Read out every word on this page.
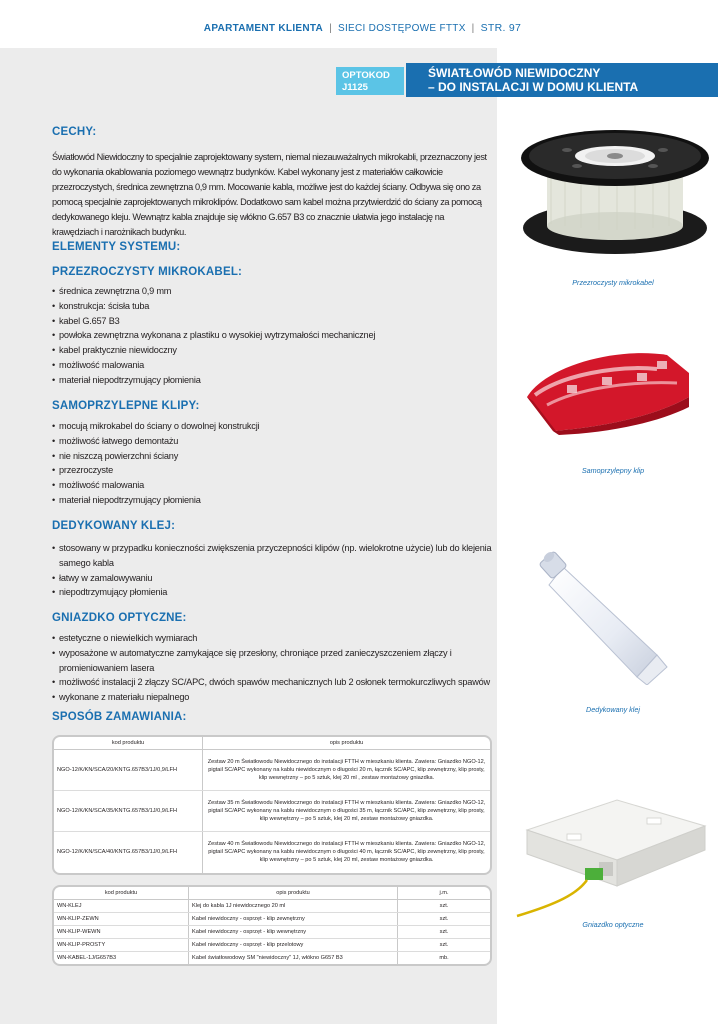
APARTAMENT KLIENTA | SIECI DOSTĘPOWE FTTX | STR. 97
OPTOKOD
J1125
ŚWIATŁOWÓD NIEWIDOCZNY
– DO INSTALACJI W DOMU KLIENTA
CECHY:

Światłowód Niewidoczny to specjalnie zaprojektowany system, niemal niezauważalnych mikrokabli, przeznaczony jest do wykonania okablowania poziomego wewnątrz budynków. Kabel wykonany jest z materiałów całkowicie przezroczystych, średnica zewnętrzna 0,9 mm. Mocowanie kabla, możliwe jest do każdej ściany. Odbywa się ono za pomocą specjalnie zaprojektowanych mikroklipów. Dodatkowo sam kabel można przytwierdzić do ściany za pomocą dedykowanego kleju. Wewnątrz kabla znajduje się włókno G.657 B3 co znacznie ułatwia jego instalację na krawędziach i narożnikach budynku.

ELEMENTY SYSTEMU:
PRZEZROCZYSTY MIKROKABEL:
• średnica zewnętrzna 0,9 mm
• konstrukcja: ścisła tuba
• kabel G.657 B3
• powłoka zewnętrzna wykonana z plastiku o wysokiej wytrzymałości mechanicznej
• kabel praktycznie niewidoczny
• możliwość malowania
• materiał niepodtrzymujący płomienia
SAMOPRZYLEPNE KLIPY:
• mocują mikrokabel do ściany o dowolnej konstrukcji
• możliwość łatwego demontażu
• nie niszczą powierzchni ściany
• przezroczyste
• możliwość malowania
• materiał niepodtrzymujący płomienia
DEDYKOWANY KLEJ:
• stosowany w przypadku konieczności zwiększenia przyczepności klipów (np. wielokrotne użycie) lub do klejenia samego kabla
• łatwy w zamalowywaniu
• niepodtrzymujący płomienia
GNIAZDKO OPTYCZNE:
• estetyczne o niewielkich wymiarach
• wyposażone w automatyczne zamykające się przesłony, chroniące przed zanieczyszczeniem złączy i promieniowaniem lasera
• możliwość instalacji 2 złączy SC/APC, dwóch spawów mechanicznych lub 2 osłonek termokurczliwych spawów
• wykonane z materiału niepalnego
SPOSÓB ZAMAWIANIA:
kod produktu	opis produktu
NGO-12/K/KN/SCA/20/KNTG.657B3/1J/0,9/LFH	Zestaw 20 m Światłowodu Niewidocznego do instalacji FTTH w mieszkaniu klienta. Zawiera: Gniazdko NGO-12, pigtail SC/APC wykonany na kablu niewidocznym o długości 20 m, łącznik SC/APC, klip zewnętrzny, klip prosty, klip wewnętrzny – po 5 sztuk, klej 20 ml , zestaw montażowy gniazdka.
NGO-12/K/KN/SCA/35/KNTG.657B3/1J/0,9/LFH	Zestaw 35 m Światłowodu Niewidocznego do instalacji FTTH w mieszkaniu klienta. Zawiera: Gniazdko NGO-12, pigtail SC/APC wykonany na kablu niewidocznym o długości 35 m, łącznik SC/APC, klip zewnętrzny, klip prosty, klip wewnętrzny – po 5 sztuk, klej 20 ml, zestaw montażowy gniazdka.
NGO-12/K/KN/SCA/40/KNTG.657B3/1J/0,9/LFH	Zestaw 40 m Światłowodu Niewidocznego do instalacji FTTH w mieszkaniu klienta. Zawiera: Gniazdko NGO-12, pigtail SC/APC wykonany na kablu niewidocznym o długości 40 m, łącznik SC/APC, klip zewnętrzny, klip prosty, klip wewnętrzny – po 5 sztuk, klej 20 ml, zestaw montażowy gniazdka.
kod produktu	opis produktu	j.m.
WN-KLEJ	Klej do kabla 1J niewidocznego 20 ml	szt.
WN-KLIP-ZEWN	Kabel niewidoczny - osprzęt - klip zewnętrzny	szt.
WN-KLIP-WEWN	Kabel niewidoczny - osprzęt - klip wewnętrzny	szt.
WN-KLIP-PROSTY	Kabel niewidoczny - osprzęt - klip przelotowy	szt.
WN-KABEL-1J/G657B3	Kabel światłowodowy SM "niewidoczny" 1J, włókno G657 B3	mb.
Przezroczysty mikrokabel
Samoprzylepny klip
Dedykowany klej
Gniazdko optyczne
